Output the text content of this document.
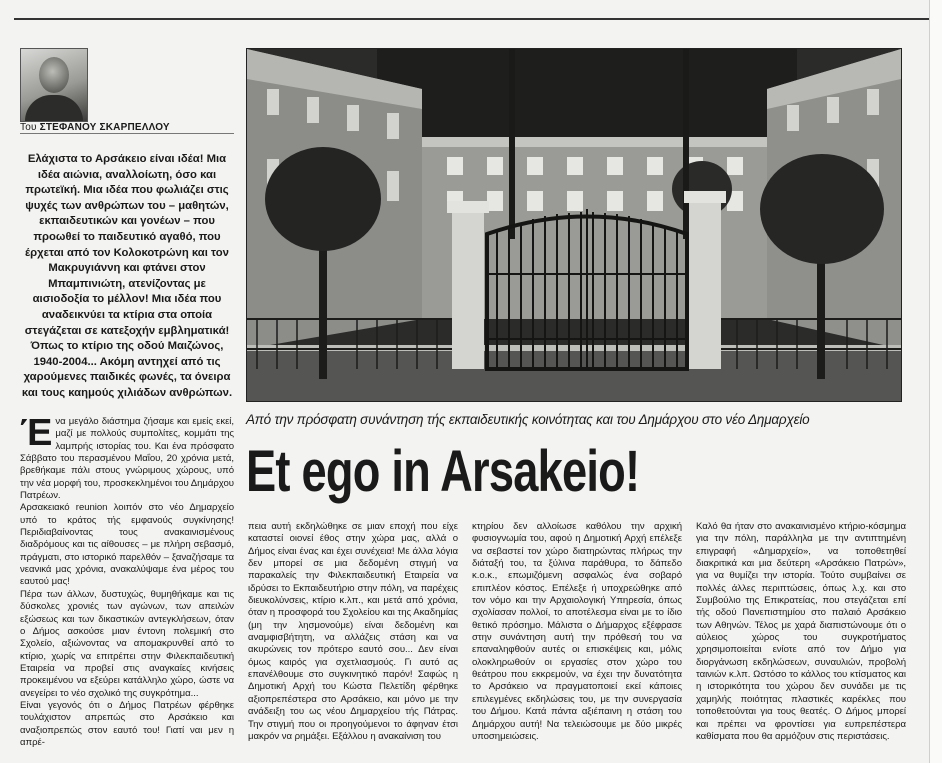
Του ΣΤΕΦΑΝΟΥ ΣΚΑΡΠΕΛΛΟΥ
Ελάχιστα το Αρσάκειο είναι ιδέα! Μια ιδέα αιώνια, αναλλοίωτη, όσο και πρωτεϊκή. Μια ιδέα που φωλιάζει στις ψυχές των ανθρώπων του – μαθητών, εκπαιδευτικών και γονέων – που προωθεί το παιδευτικό αγαθό, που έρχεται από τον Κολοκοτρώνη και τον Μακρυγιάννη και φτάνει στον Μπαμπινιώτη, ατενίζοντας με αισιοδοξία το μέλλον! Μια ιδέα που αναδεικνύει τα κτίρια στα οποία στεγάζεται σε κατεξοχήν εμβληματικά! Όπως το κτίριο της οδού Μαιζώνος, 1940-2004... Ακόμη αντηχεί από τις χαρούμενες παιδικές φωνές, τα όνειρα και τους καημούς χιλιάδων ανθρώπων.
Από την πρόσφατη συνάντηση τής εκπαιδευτικής κοινότητας και του Δημάρχου στο νέο Δημαρχείο
Et ego in Arsakeio!

Ένα μεγάλο διάστημα ζήσαμε και εμείς εκεί, μαζί με πολλούς συμπολίτες, κομμάτι της λαμπρής ιστορίας του. Και ένα πρόσφατο Σάββατο του περασμένου Μαΐου, 20 χρόνια μετά, βρεθήκαμε πάλι στους γνώριμους χώρους, υπό την νέα μορφή του, προσκεκλημένοι του Δημάρχου Πατρέων.

Αρσακειακό reunion λοιπόν στο νέο Δημαρχείο υπό το κράτος τής εμφανούς συγκίνησης! Περιδιαβαίνοντας τους ανακαινισμένους διαδρόμους και τις αίθουσες – με πλήρη σεβασμό, πράγματι, στο ιστορικό παρελθόν – ξαναζήσαμε τα νεανικά μας χρόνια, ανακαλύψαμε ένα μέρος του εαυτού μας!

Πέρα των άλλων, δυστυχώς, θυμηθήκαμε και τις δύσκολες χρονιές των αγώνων, των απειλών εξώσεως και των δικαστικών αντεγκλήσεων, όταν ο Δήμος ασκούσε μιαν έντονη πολεμική στο Σχολείο, αξιώνοντας να απομακρυνθεί από το κτίριο, χωρίς να επιτρέπει στην Φιλεκπαιδευτική Εταιρεία να προβεί στις αναγκαίες κινήσεις προκειμένου να εξεύρει κατάλληλο χώρο, ώστε να ανεγείρει το νέο σχολικό της συγκρότημα...

Είναι γεγονός ότι ο Δήμος Πατρέων φέρθηκε τουλάχιστον απρεπώς στο Αρσάκειο και αναξιοπρεπώς στον εαυτό του! Γιατί ναι μεν η απρέ-

πεια αυτή εκδηλώθηκε σε μιαν εποχή που είχε καταστεί οιονεί έθος στην χώρα μας, αλλά ο Δήμος είναι ένας και έχει συνέχεια! Με άλλα λόγια δεν μπορεί σε μια δεδομένη στιγμή να παρακαλείς την Φιλεκπαιδευτική Εταιρεία να ιδρύσει το Εκπαιδευτήριο στην πόλη, να παρέχεις διευκολύνσεις, κτίριο κ.λπ., και μετά από χρόνια, όταν η προσφορά του Σχολείου και της Ακαδημίας (μη την λησμονούμε) είναι δεδομένη και αναμφισβήτητη, να αλλάζεις στάση και να ακυρώνεις τον πρότερο εαυτό σου... Δεν είναι όμως καιρός για σχετλιασμούς. Γι αυτό ας επανέλθουμε στο συγκινητικό παρόν! Σαφώς η Δημοτική Αρχή του Κώστα Πελετίδη φέρθηκε αξιοπρεπέστερα στο Αρσάκειο, και μόνο με την ανάδειξη του ως νέου Δημαρχείου τής Πάτρας. Την στιγμή που οι προηγούμενοι το άφηναν έτσι μακρόν να ρημάξει. Εξάλλου η ανακαίνιση του
κτηρίου δεν αλλοίωσε καθόλου την αρχική φυσιογνωμία του, αφού η Δημοτική Αρχή επέλεξε να σεβαστεί τον χώρο διατηρώντας πλήρως την διάταξή του, τα ξύλινα παράθυρα, το δάπεδο κ.ο.κ., επωμιζόμενη ασφαλώς ένα σοβαρό επιπλέον κόστος. Επέλεξε ή υποχρεώθηκε από τον νόμο και την Αρχαιολογική Υπηρεσία, όπως σχολίασαν πολλοί, το αποτέλεσμα είναι με το ίδιο θετικό πρόσημο. Μάλιστα ο Δήμαρχος εξέφρασε στην συνάντηση αυτή την πρόθεσή του να επαναληφθούν αυτές οι επισκέψεις και, μόλις ολοκληρωθούν οι εργασίες στον χώρο του θεάτρου που εκκρεμούν, να έχει την δυνατότητα το Αρσάκειο να πραγματοποιεί εκεί κάποιες επιλεγμένες εκδηλώσεις του, με την συνεργασία του Δήμου. Κατά πάντα αξιέπαινη η στάση του Δημάρχου αυτή! Να τελειώσουμε με δύο μικρές υποσημειώσεις.
Καλό θα ήταν στο ανακαινισμένο κτήριο-κόσμημα για την πόλη, παράλληλα με την αντιπτημένη επιγραφή «Δημαρχείο», να τοποθετηθεί διακριτικά και μια δεύτερη «Αρσάκειο Πατρών», για να θυμίζει την ιστορία. Τούτο συμβαίνει σε πολλές άλλες περιπτώσεις, όπως λ.χ. και στο Συμβούλιο της Επικρατείας, που στεγάζεται επί τής οδού Πανεπιστημίου στο παλαιό Αρσάκειο των Αθηνών. Τέλος με χαρά διαπιστώνουμε ότι ο αύλειος χώρος του συγκροτήματος χρησιμοποιείται ενίοτε από τον Δήμο για διοργάνωση εκδηλώσεων, συναυλιών, προβολή ταινιών κ.λπ. Ωστόσο το κάλλος του κτίσματος και η ιστορικότητα του χώρου δεν συνάδει με τις χαμηλής ποιότητας πλαστικές καρέκλες που τοποθετούνται για τους θεατές. Ο Δήμος μπορεί και πρέπει να φροντίσει για ευπρεπέστερα καθίσματα που θα αρμόζουν στις περιστάσεις.
